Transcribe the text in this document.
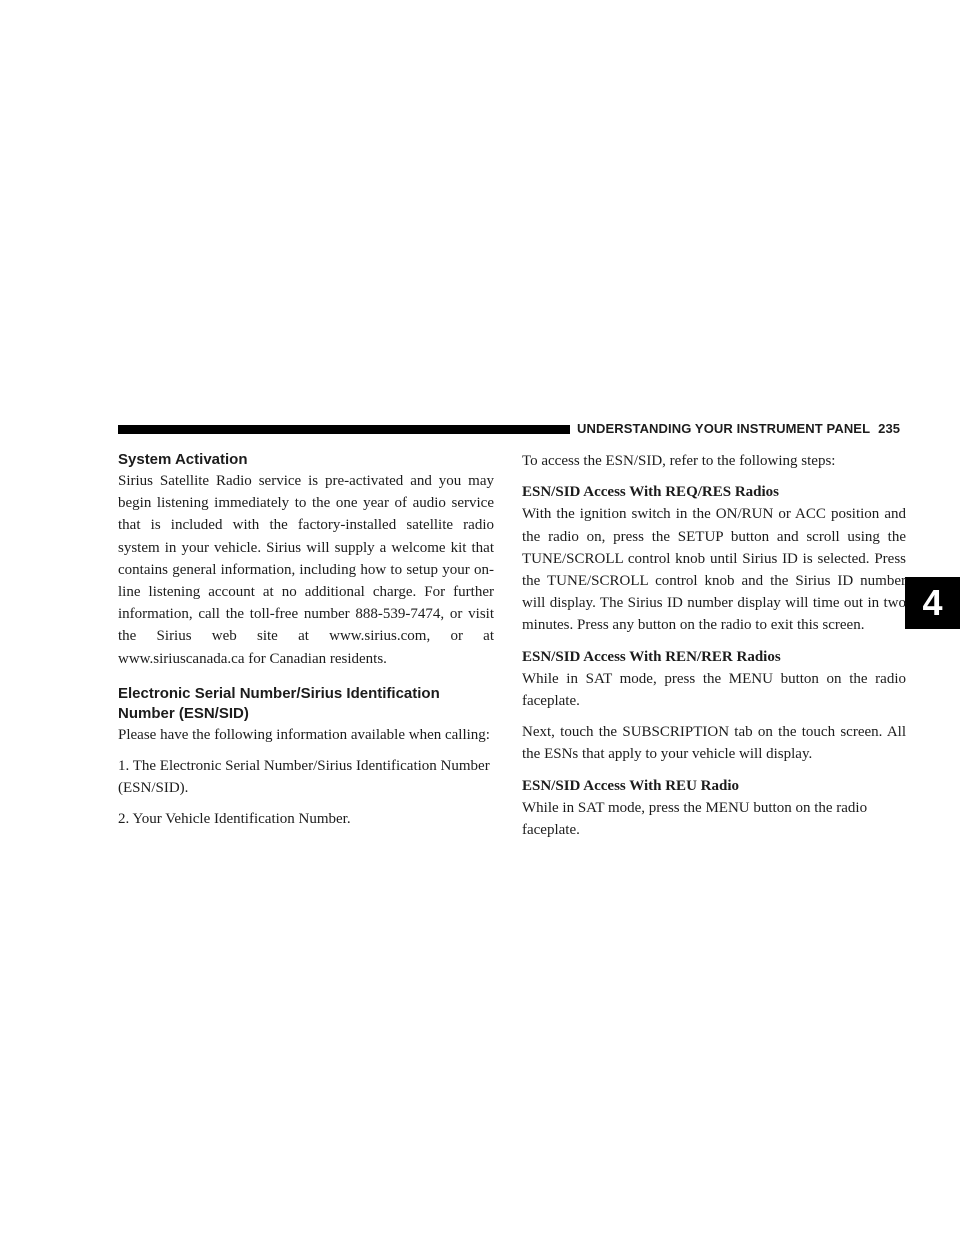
UNDERSTANDING YOUR INSTRUMENT PANEL 235
4
System Activation

Sirius Satellite Radio service is pre-activated and you may begin listening immediately to the one year of audio service that is included with the factory-installed satellite radio system in your vehicle. Sirius will supply a welcome kit that contains general information, including how to setup your on-line listening account at no additional charge. For further information, call the toll-free number 888-539-7474, or visit the Sirius web site at www.sirius.com, or at www.siriuscanada.ca for Canadian residents.

Electronic Serial Number/Sirius Identification Number (ESN/SID)

Please have the following information available when calling:

1. The Electronic Serial Number/Sirius Identification Number (ESN/SID).

2. Your Vehicle Identification Number.

To access the ESN/SID, refer to the following steps:

ESN/SID Access With REQ/RES Radios

With the ignition switch in the ON/RUN or ACC position and the radio on, press the SETUP button and scroll using the TUNE/SCROLL control knob until Sirius ID is selected. Press the TUNE/SCROLL control knob and the Sirius ID number will display. The Sirius ID number display will time out in two minutes. Press any button on the radio to exit this screen.

ESN/SID Access With REN/RER Radios

While in SAT mode, press the MENU button on the radio faceplate.

Next, touch the SUBSCRIPTION tab on the touch screen. All the ESNs that apply to your vehicle will display.

ESN/SID Access With REU Radio

While in SAT mode, press the MENU button on the radio faceplate.
